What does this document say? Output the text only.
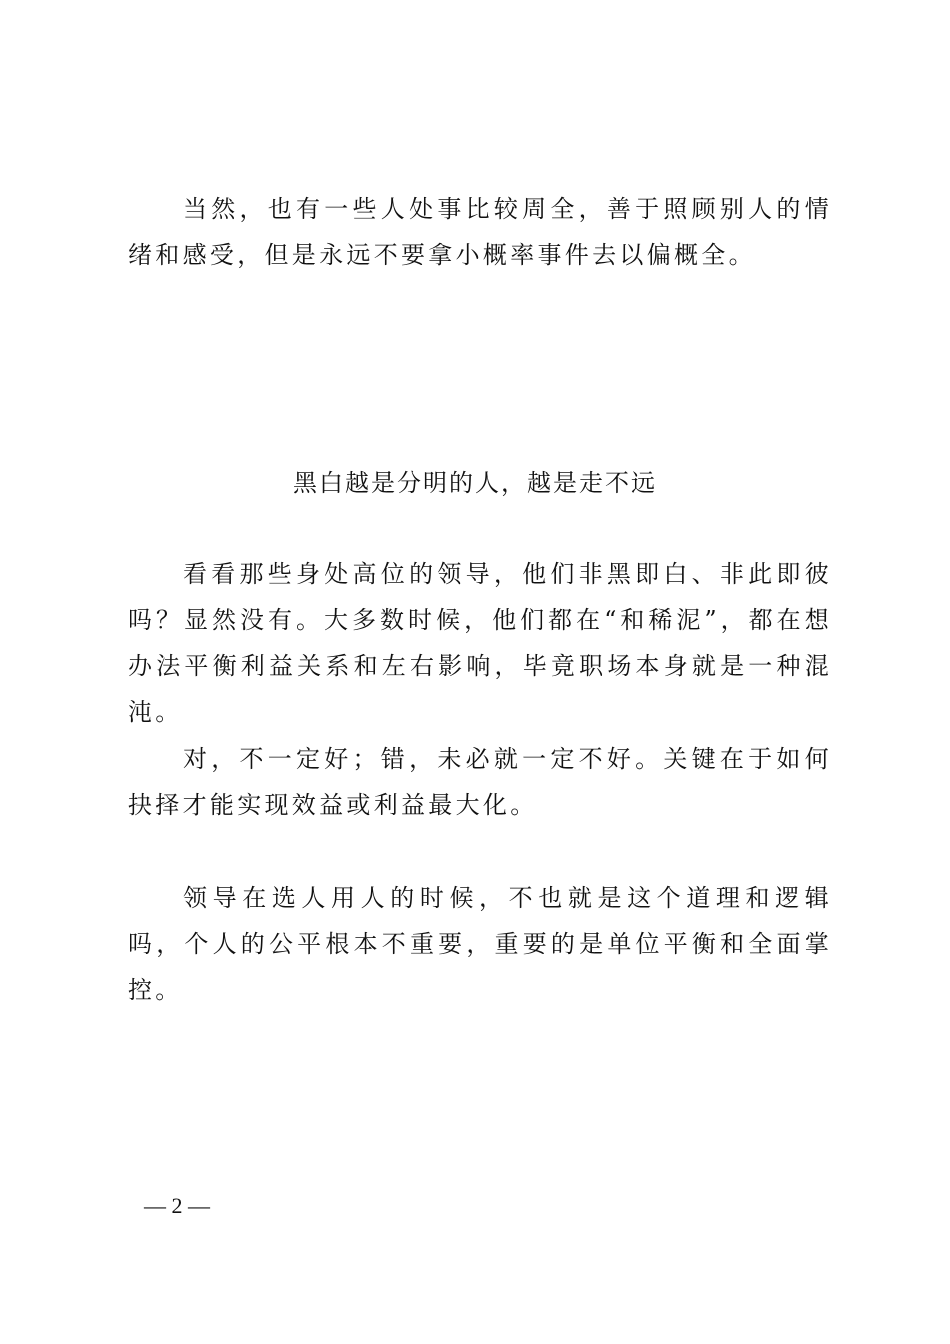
当然，也有一些人处事比较周全，善于照顾别人的情绪和感受，但是永远不要拿小概率事件去以偏概全。

黑白越是分明的人，越是走不远

看看那些身处高位的领导，他们非黑即白、非此即彼吗？显然没有。大多数时候，他们都在“和稀泥”，都在想办法平衡利益关系和左右影响，毕竟职场本身就是一种混沌。

对，不一定好；错，未必就一定不好。关键在于如何抉择才能实现效益或利益最大化。

领导在选人用人的时候，不也就是这个道理和逻辑吗，个人的公平根本不重要，重要的是单位平衡和全面掌控。

— 2 —
